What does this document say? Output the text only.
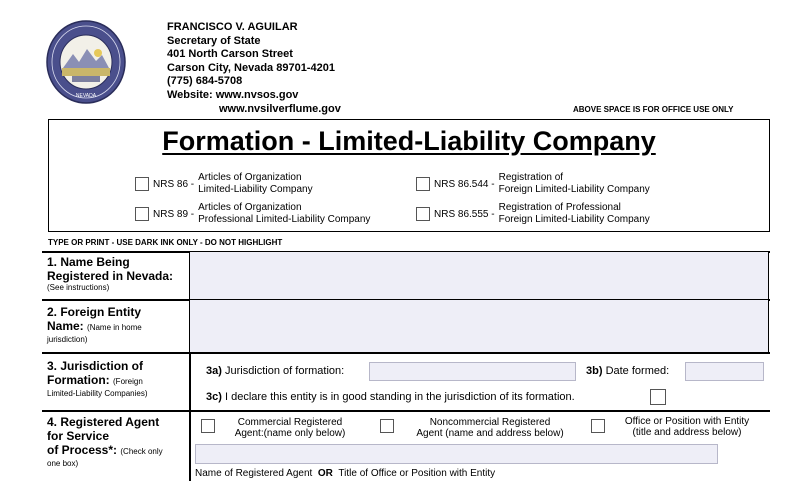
NEVADA
FRANCISCO V. AGUILAR
Secretary of State
401 North Carson Street
Carson City, Nevada 89701-4201
(775) 684-5708
Website: www.nvsos.gov
www.nvsilverflume.gov	ABOVE SPACE IS FOR OFFICE USE ONLY
Formation - Limited-Liability Company
NRS 86 -
Articles of Organization
Limited-Liability Company	NRS 86.544 -
Registration of
Foreign Limited-Liability Company
NRS 89 -
Articles of Organization
Professional Limited-Liability Company	NRS 86.555 -
Registration of Professional
Foreign Limited-Liability Company
TYPE OR PRINT - USE DARK INK ONLY - DO NOT HIGHLIGHT
1. Name Being
Registered in Nevada:
(See instructions)
2. Foreign Entity
Name: (Name in home
jurisdiction)
3. Jurisdiction of
Formation: (Foreign
Limited-Liability Companies)
3a) Jurisdiction of formation:	3b) Date formed:
3c) I declare this entity is in good standing in the jurisdiction of its formation.
4. Registered Agent
for Service
of Process*: (Check only
one box)
Commercial Registered
Agent:(name only below)
Noncommercial Registered
Agent (name and address below)
Office or Position with Entity
(title and address below)
Name of Registered Agent OR Title of Office or Position with Entity
